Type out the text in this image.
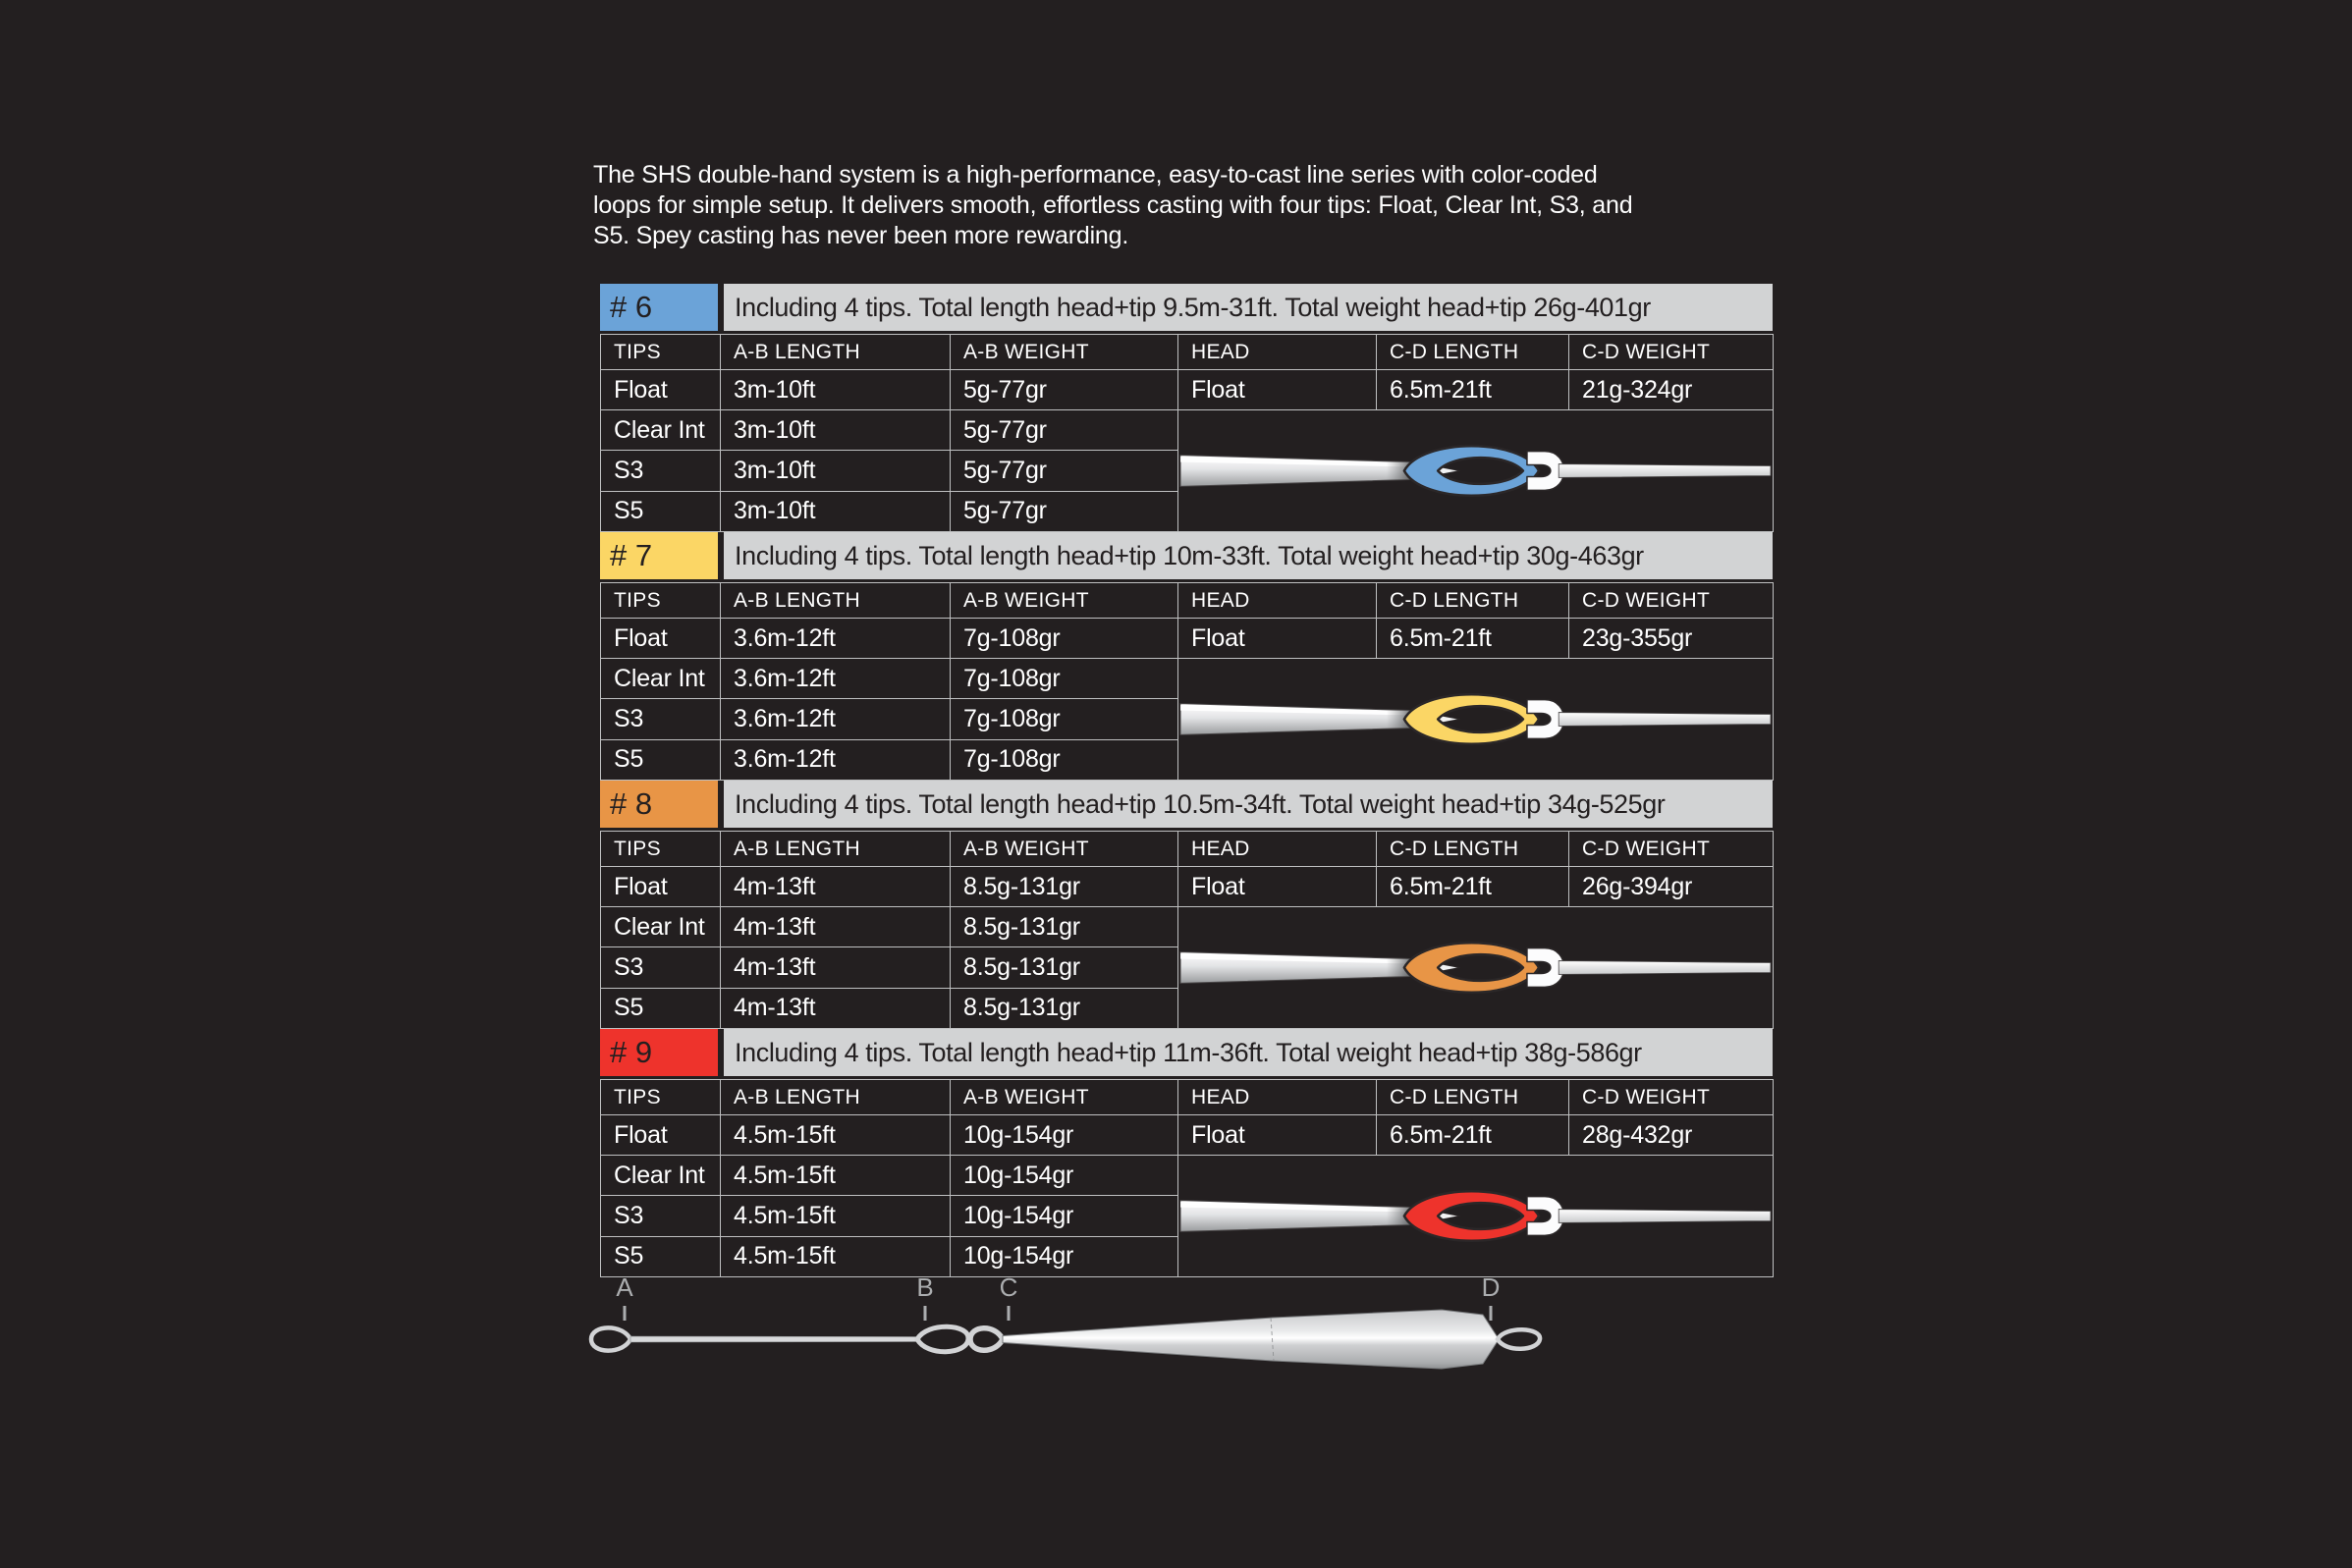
The SHS double-hand system is a high-performance, easy-to-cast line series with color-coded
loops for simple setup. It delivers smooth, effortless casting with four tips: Float, Clear Int, S3, and
S5. Spey casting has never been more rewarding.
# 6	Including 4 tips. Total length head+tip 9.5m-31ft. Total weight head+tip 26g-401gr
TIPS	A-B LENGTH	A-B WEIGHT	HEAD	C-D LENGTH	C-D WEIGHT
Float	3m-10ft	5g-77gr	Float	6.5m-21ft	21g-324gr
Clear Int	3m-10ft	5g-77gr	

S3	3m-10ft	5g-77gr			
S5	3m-10ft	5g-77gr			
# 7	Including 4 tips. Total length head+tip 10m-33ft. Total weight head+tip 30g-463gr
TIPS	A-B LENGTH	A-B WEIGHT	HEAD	C-D LENGTH	C-D WEIGHT
Float	3.6m-12ft	7g-108gr	Float	6.5m-21ft	23g-355gr
Clear Int	3.6m-12ft	7g-108gr	

S3	3.6m-12ft	7g-108gr			
S5	3.6m-12ft	7g-108gr			
# 8	Including 4 tips. Total length head+tip 10.5m-34ft. Total weight head+tip 34g-525gr
TIPS	A-B LENGTH	A-B WEIGHT	HEAD	C-D LENGTH	C-D WEIGHT
Float	4m-13ft	8.5g-131gr	Float	6.5m-21ft	26g-394gr
Clear Int	4m-13ft	8.5g-131gr	

S3	4m-13ft	8.5g-131gr			
S5	4m-13ft	8.5g-131gr			
# 9	Including 4 tips. Total length head+tip 11m-36ft. Total weight head+tip 38g-586gr
TIPS	A-B LENGTH	A-B WEIGHT	HEAD	C-D LENGTH	C-D WEIGHT
Float	4.5m-15ft	10g-154gr	Float	6.5m-21ft	28g-432gr
Clear Int	4.5m-15ft	10g-154gr	

S3	4.5m-15ft	10g-154gr			
S5	4.5m-15ft	10g-154gr			
A	B	C	D
